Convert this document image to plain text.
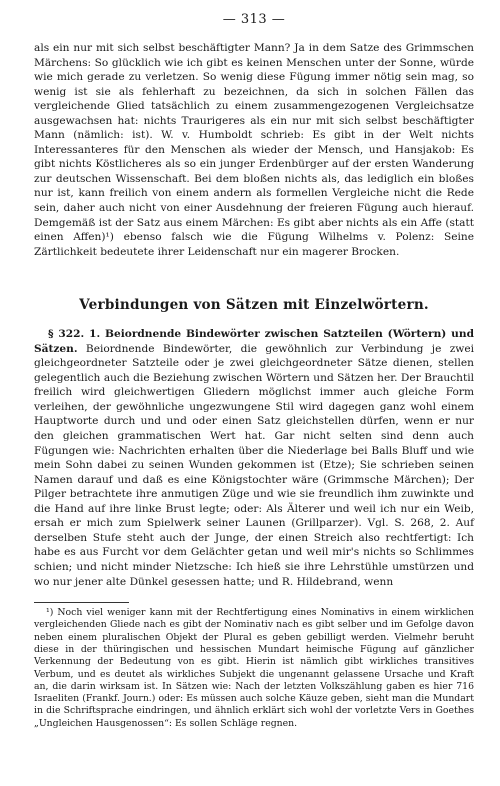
— 313 —

als ein nur mit sich selbst beschäftigter Mann? Ja in dem Satze des Grimmschen Märchens: So glücklich wie ich gibt es keinen Menschen unter der Sonne, würde wie mich gerade zu verletzen. So wenig diese Fügung immer nötig sein mag, so wenig ist sie als fehlerhaft zu bezeichnen, da sich in solchen Fällen das vergleichende Glied tatsächlich zu einem zusammengezogenen Vergleichsatze ausgewachsen hat: nichts Traurigeres als ein nur mit sich selbst beschäftigter Mann (nämlich: ist). W. v. Humboldt schrieb: Es gibt in der Welt nichts Interessanteres für den Menschen als wieder der Mensch, und Hansjakob: Es gibt nichts Köstlicheres als so ein junger Erdenbürger auf der ersten Wanderung zur deutschen Wissenschaft. Bei dem bloßen nichts als, das lediglich ein bloßes nur ist, kann freilich von einem andern als formellen Vergleiche nicht die Rede sein, daher auch nicht von einer Ausdehnung der freieren Fügung auch hierauf. Demgemäß ist der Satz aus einem Märchen: Es gibt aber nichts als ein Affe (statt einen Affen)¹) ebenso falsch wie die Fügung Wilhelms v. Polenz: Seine Zärtlichkeit bedeutete ihrer Leidenschaft nur ein magerer Brocken.

Verbindungen von Sätzen mit Einzelwörtern.

§ 322. 1. Beiordnende Bindewörter zwischen Satzteilen (Wörtern) und Sätzen. Beiordnende Bindewörter, die gewöhnlich zur Verbindung je zwei gleichgeordneter Satzteile oder je zwei gleichgeordneter Sätze dienen, stellen gelegentlich auch die Beziehung zwischen Wörtern und Sätzen her. Der Brauchtil freilich wird gleichwertigen Gliedern möglichst immer auch gleiche Form verleihen, der gewöhnliche ungezwungene Stil wird dagegen ganz wohl einem Hauptworte durch und und oder einen Satz gleichstellen dürfen, wenn er nur den gleichen grammatischen Wert hat. Gar nicht selten sind denn auch Fügungen wie: Nachrichten erhalten über die Niederlage bei Balls Bluff und wie mein Sohn dabei zu seinen Wunden gekommen ist (Etze); Sie schrieben seinen Namen darauf und daß es eine Königstochter wäre (Grimmsche Märchen); Der Pilger betrachtete ihre anmutigen Züge und wie sie freundlich ihm zuwinkte und die Hand auf ihre linke Brust legte; oder: Als Älterer und weil ich nur ein Weib, ersah er mich zum Spielwerk seiner Launen (Grillparzer). Vgl. S. 268, 2. Auf derselben Stufe steht auch der Junge, der einen Streich also rechtfertigt: Ich habe es aus Furcht vor dem Gelächter getan und weil mir's nichts so Schlimmes schien; und nicht minder Nietzsche: Ich hieß sie ihre Lehrstühle umstürzen und wo nur jener alte Dünkel gesessen hatte; und R. Hildebrand, wenn

¹) Noch viel weniger kann mit der Rechtfertigung eines Nominativs in einem wirklichen vergleichenden Gliede nach es gibt der Nominativ nach es gibt selber und im Gefolge davon neben einem pluralischen Objekt der Plural es geben gebilligt werden. Vielmehr beruht diese in der thüringischen und hessischen Mundart heimische Fügung auf gänzlicher Verkennung der Bedeutung von es gibt. Hierin ist nämlich gibt wirkliches transitives Verbum, und es deutet als wirkliches Subjekt die ungenannt gelassene Ursache und Kraft an, die darin wirksam ist. In Sätzen wie: Nach der letzten Volkszählung gaben es hier 716 Israeliten (Frankf. Journ.) oder: Es müssen auch solche Käuze geben, sieht man die Mundart in die Schriftsprache eindringen, und ähnlich erklärt sich wohl der vorletzte Vers in Goethes „Ungleichen Hausgenossen“: Es sollen Schläge regnen.
